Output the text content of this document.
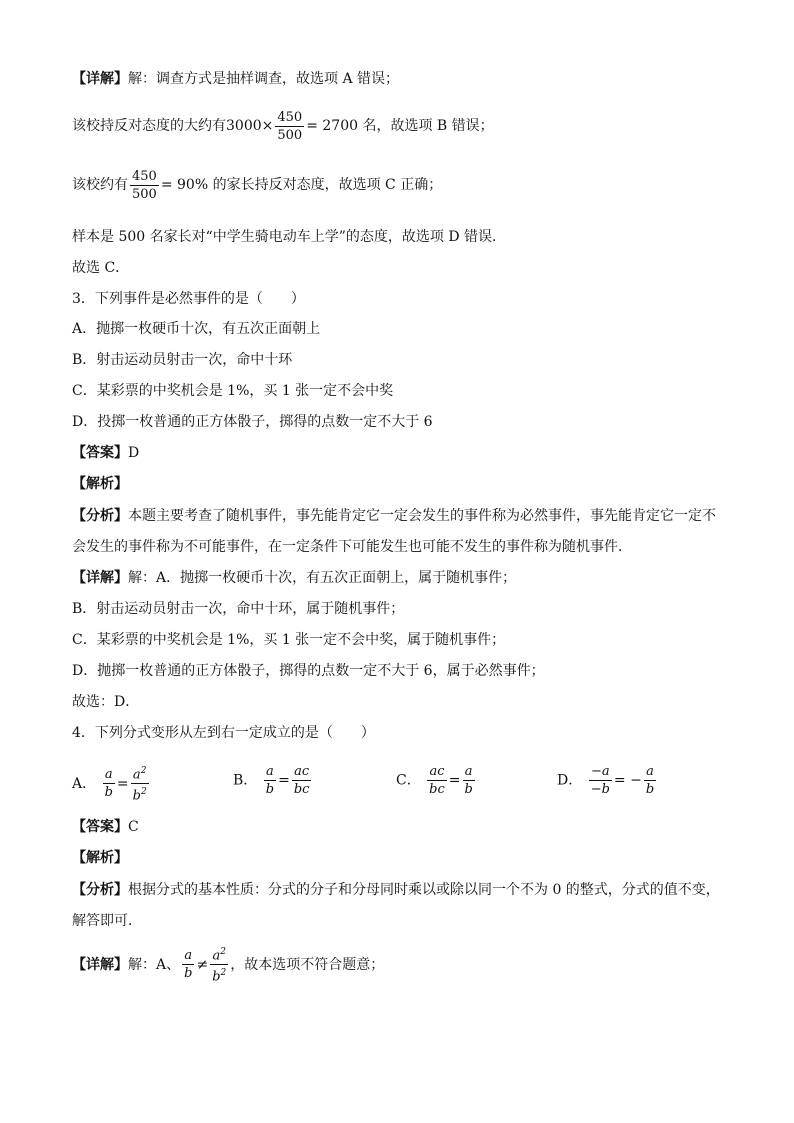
【详解】解：调查方式是抽样调查，故选项 A 错误；
该校持反对态度的大约有$3000\times \frac{450}{500} = 2700$ 名，故选项 B 错误；
该校约有 $\frac{450}{500} = 90\%$ 的家长持反对态度，故选项 C 正确；
样本是 500 名家长对“中学生骑电动车上学”的态度，故选项 D 错误．
故选 C．
3．下列事件是必然事件的是（　　）
A．抛掷一枚硬币十次，有五次正面朝上
B．射击运动员射击一次，命中十环
C．某彩票的中奖机会是 1%，买 1 张一定不会中奖
D．投掷一枚普通的正方体骰子，掷得的点数一定不大于 6
【答案】D
【解析】
【分析】本题主要考查了随机事件，事先能肯定它一定会发生的事件称为必然事件，事先能肯定它一定不
会发生的事件称为不可能事件，在一定条件下可能发生也可能不发生的事件称为随机事件．
【详解】解：A．抛掷一枚硬币十次，有五次正面朝上，属于随机事件；
B．射击运动员射击一次，命中十环，属于随机事件；
C．某彩票的中奖机会是 1%，买 1 张一定不会中奖，属于随机事件；
D．抛掷一枚普通的正方体骰子，掷得的点数一定不大于 6，属于必然事件；
故选：D．
4．下列分式变形从左到右一定成立的是（　　）
A． $\frac{a}{b} = \frac{a^2}{b^2}$	B． $\frac{a}{b} = \frac{ac}{bc}$	C． $\frac{ac}{bc} = \frac{a}{b}$	D． $\frac{-a}{-b}$ = − $\frac{a}{b}$
【答案】C
【解析】
【分析】根据分式的基本性质：分式的分子和分母同时乘以或除以同一个不为 0 的整式，分式的值不变，
解答即可．
【详解】解：A、 $\frac{a}{b} \ne \frac{a^2}{b^2}$ ，故本选项不符合题意；
